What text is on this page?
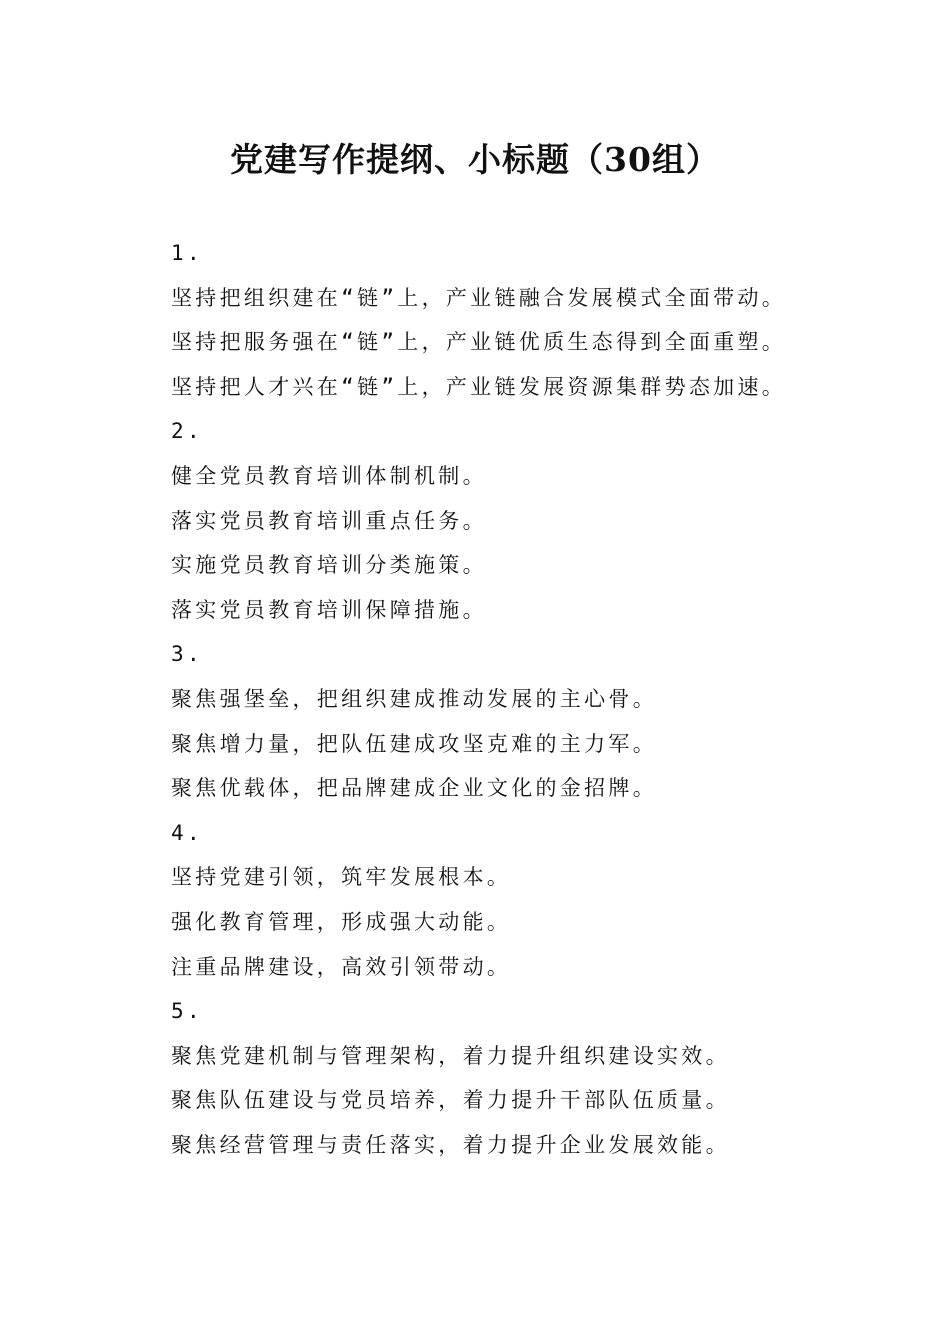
党建写作提纲、小标题（30组）
1.
坚持把组织建在“链”上，产业链融合发展模式全面带动。
坚持把服务强在“链”上，产业链优质生态得到全面重塑。
坚持把人才兴在“链”上，产业链发展资源集群势态加速。
2.
健全党员教育培训体制机制。
落实党员教育培训重点任务。
实施党员教育培训分类施策。
落实党员教育培训保障措施。
3.
聚焦强堡垒，把组织建成推动发展的主心骨。
聚焦增力量，把队伍建成攻坚克难的主力军。
聚焦优载体，把品牌建成企业文化的金招牌。
4.
坚持党建引领，筑牢发展根本。
强化教育管理，形成强大动能。
注重品牌建设，高效引领带动。
5.
聚焦党建机制与管理架构，着力提升组织建设实效。
聚焦队伍建设与党员培养，着力提升干部队伍质量。
聚焦经营管理与责任落实，着力提升企业发展效能。
